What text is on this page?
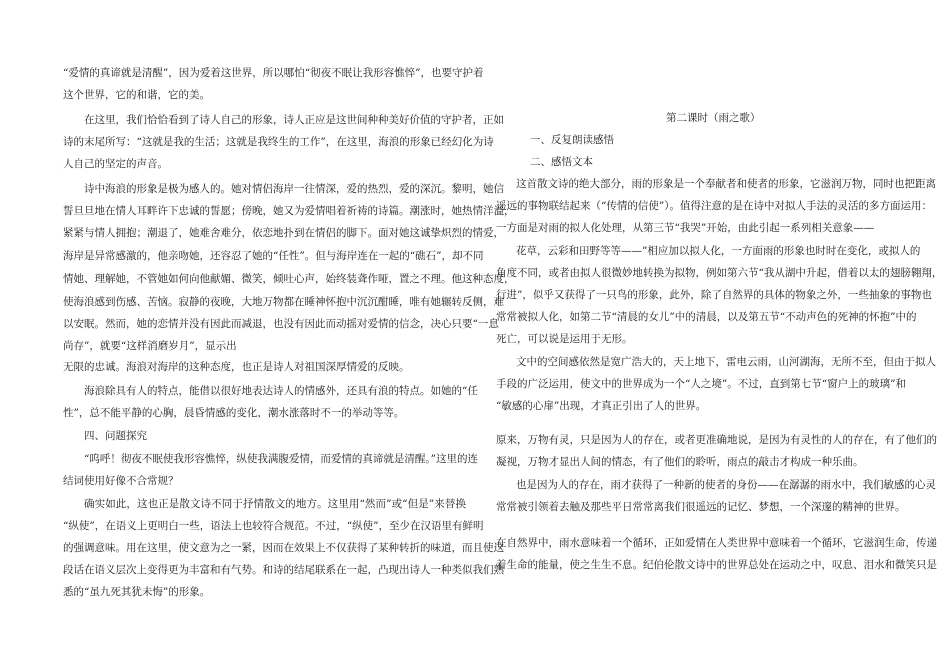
“爱情的真谛就是清醒”，因为爱着这世界，所以哪怕“彻夜不眠让我形容憔悴”，也要守护着
这个世界，它的和谐，它的美。
在这里，我们恰恰看到了诗人自己的形象，诗人正应是这世间种种美好价值的守护者，正如
诗的末尾所写：“这就是我的生活；这就是我终生的工作”，在这里，海浪的形象已经幻化为诗
人自己的坚定的声音。
诗中海浪的形象是极为感人的。她对情侣海岸一往情深，爱的热烈，爱的深沉。黎明，她信
誓旦旦地在情人耳畔许下忠诚的誓愿；傍晚，她又为爱情唱着祈祷的诗篇。潮涨时，她热情洋溢，
紧紧与情人拥抱；潮退了，她难舍难分，依恋地扑到在情侣的脚下。面对她这诚挚炽烈的情爱，
海岸是异常感激的，他亲吻她，还容忍了她的“任性”。但与海岸连在一起的“礁石”，却不同
情她、理解她，不管她如何向他献媚、微笑，倾吐心声，始终装聋作哑，置之不理。他这种态度，
使海浪感到伤感、苦恼。寂静的夜晚，大地万物都在睡神怀抱中沉沉酣睡，唯有她辗转反侧，难
以安眠。然而，她的恋情并没有因此而减退，也没有因此而动摇对爱情的信念，决心只要“一息
尚存”，就要“这样消磨岁月”，显示出
无限的忠诚。海浪对海岸的这种态度，也正是诗人对祖国深厚情爱的反映。
海浪除具有人的特点，能借以很好地表达诗人的情感外，还具有浪的特点。如她的“任
性”，总不能平静的心胸，晨昏情感的变化，潮水涨落时不一的举动等等。
四、问题探究
“呜呼！彻夜不眠使我形容憔悴，纵使我满腹爱情，而爱情的真谛就是清醒。”这里的连
结词使用好像不合常规？
确实如此，这也正是散文诗不同于抒情散文的地方。这里用“然而”或“但是”来替换
“纵使”，在语义上更明白一些，语法上也较符合规范。不过，“纵使”，至少在汉语里有鲜明
的强调意味。用在这里，使文意为之一紧，因而在效果上不仅获得了某种转折的味道，而且使这
段话在语义层次上变得更为丰富和有气势。和诗的结尾联系在一起，凸现出诗人一种类似我们熟
悉的“虽九死其犹未悔”的形象。
第二课时（雨之歌）
一、反复朗读感悟
二、感悟文本
这首散文诗的绝大部分，雨的形象是一个奉献者和使者的形象，它滋润万物，同时也把距离
遥远的事物联结起来（“传情的信使”）。值得注意的是在诗中对拟人手法的灵活的多方面运用：
一方面是对雨的拟人化处理，从第三节“我哭”开始，由此引起一系列相关意象——
花草，云彩和田野等等——”相应加以拟人化，一方面雨的形象也时时在变化，或拟人的
角度不同，或者由拟人很微妙地转换为拟物，例如第六节“我从湖中升起，借着以太的翅膀翱翔，
行进”，似乎又获得了一只鸟的形象，此外，除了自然界的具体的物象之外，一些抽象的事物也
常常被拟人化，如第二节“清晨的女儿”中的清晨，以及第五节“不动声色的死神的怀抱”中的
死亡，可以说是运用于无形。
文中的空间感依然是宽广浩大的，天上地下，雷电云雨，山河湖海，无所不至，但由于拟人
手段的广泛运用，使文中的世界成为一个“人之境”。不过，直到第七节“窗户上的玻璃”和
“敏感的心扉”出现，才真正引出了人的世界。
原来，万物有灵，只是因为人的存在，或者更准确地说，是因为有灵性的人的存在，有了他们的
凝视，万物才显出人间的情态，有了他们的聆听，雨点的敲击才构成一种乐曲。
也是因为人的存在，雨才获得了一种新的使者的身份——在潺潺的雨水中，我们敏感的心灵
常常被引领着去触及那些平日常常离我们很遥远的记忆、梦想，一个深邃的精神的世界。
在自然界中，雨水意味着一个循环，正如爱情在人类世界中意味着一个循环，它滋润生命，传递
着生命的能量，使之生生不息。纪伯伦散文诗中的世界总处在运动之中，叹息、泪水和微笑只是
